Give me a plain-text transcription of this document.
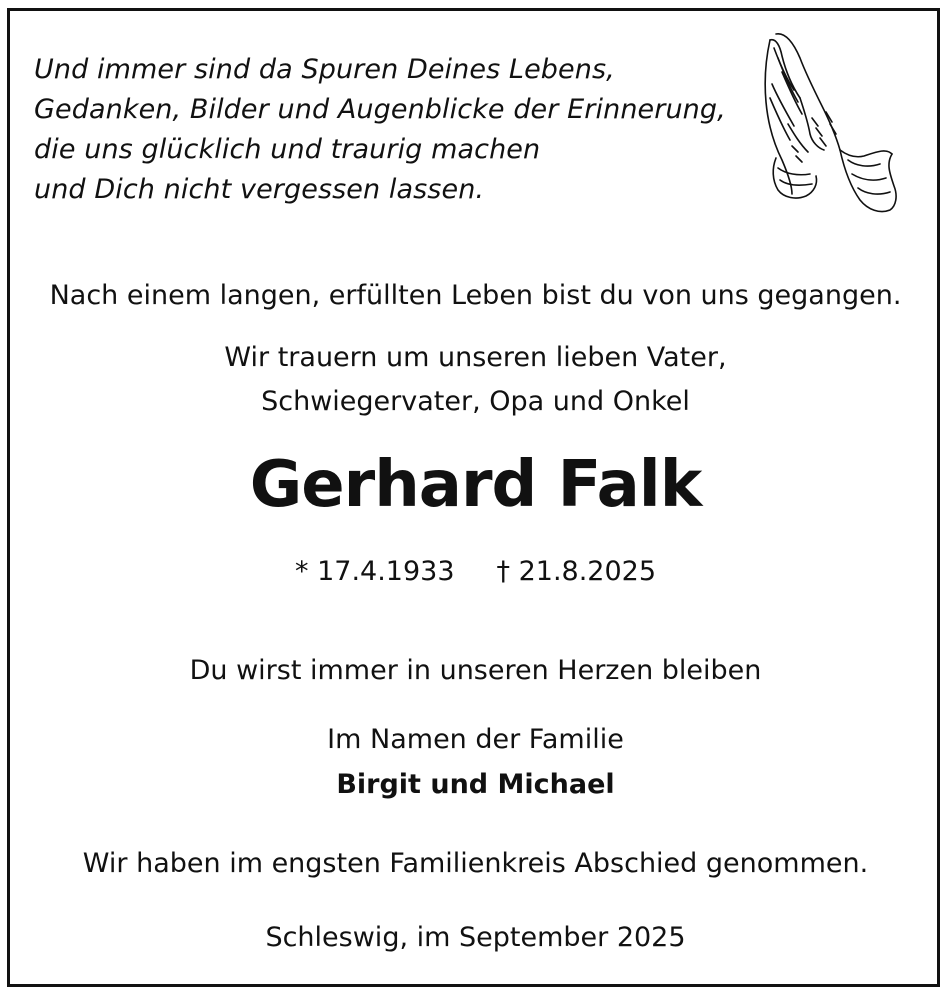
Und immer sind da Spuren Deines Lebens,
Gedanken, Bilder und Augenblicke der Erinnerung,
die uns glücklich und traurig machen
und Dich nicht vergessen lassen.
Nach einem langen, erfüllten Leben bist du von uns gegangen.
Wir trauern um unseren lieben Vater,
Schwiegervater, Opa und Onkel
Gerhard Falk
* 17.4.1933 † 21.8.2025
Du wirst immer in unseren Herzen bleiben
Im Namen der Familie
Birgit und Michael
Wir haben im engsten Familienkreis Abschied genommen.
Schleswig, im September 2025
